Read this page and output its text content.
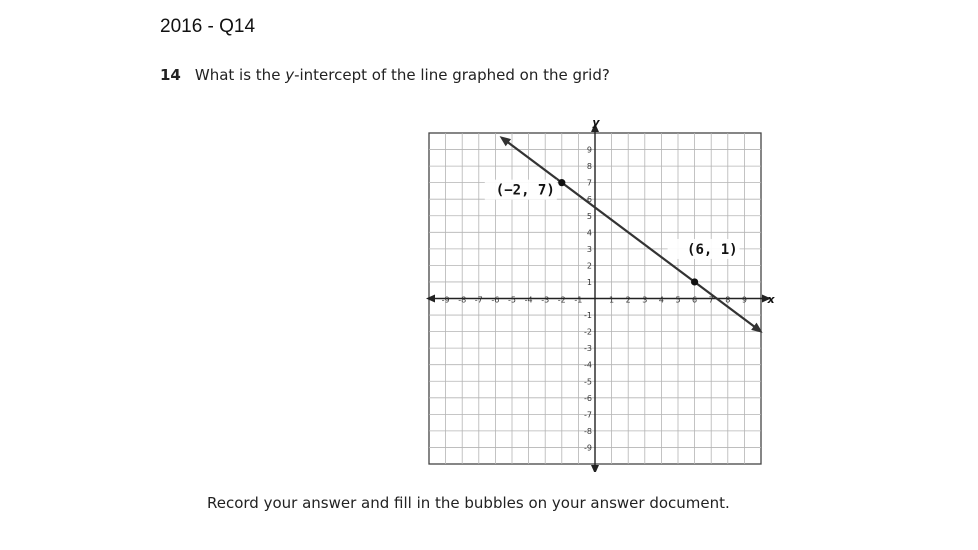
2016 - Q14
14 What is the y-intercept of the line graphed on the grid?
-9 -8 -7 -6 -5 -4 -3 -2 -1	1 2 3 4 5 6 7 8 9
9
8
7
6
5
4
3
2
1
-1
-2
-3
-4
-5
-6
-7
-8
-9
(−2, 7)
(6, 1)
x
y
Record your answer and fill in the bubbles on your answer document.
